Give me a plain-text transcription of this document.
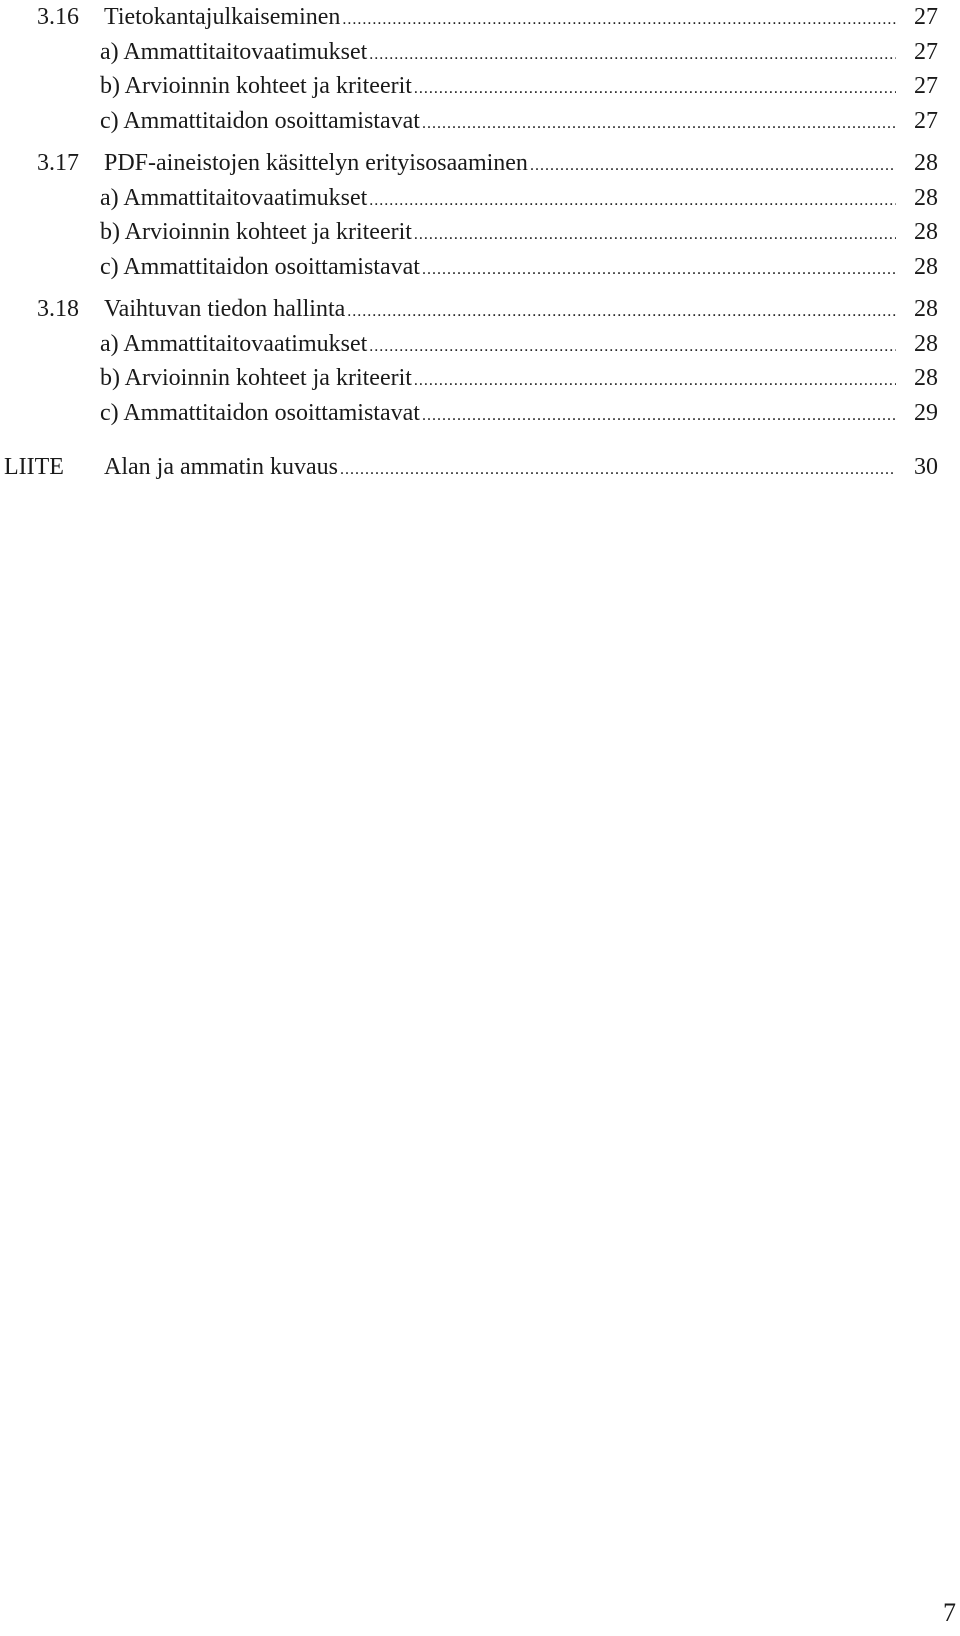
3.16 Tietokantajulkaiseminen . . .	27
a) Ammattitaitovaatimukset . . .	27
b) Arvioinnin kohteet ja kriteerit . . .	27
c) Ammattitaidon osoittamistavat . . .	27
3.17 PDF-aineistojen käsittelyn erityisosaaminen . . .	28
a) Ammattitaitovaatimukset . . .	28
b) Arvioinnin kohteet ja kriteerit . . .	28
c) Ammattitaidon osoittamistavat . . .	28
3.18 Vaihtuvan tiedon hallinta . . .	28
a) Ammattitaitovaatimukset . . .	28
b) Arvioinnin kohteet ja kriteerit . . .	28
c) Ammattitaidon osoittamistavat . . .	29
LIITE Alan ja ammatin kuvaus . . .	30
7
